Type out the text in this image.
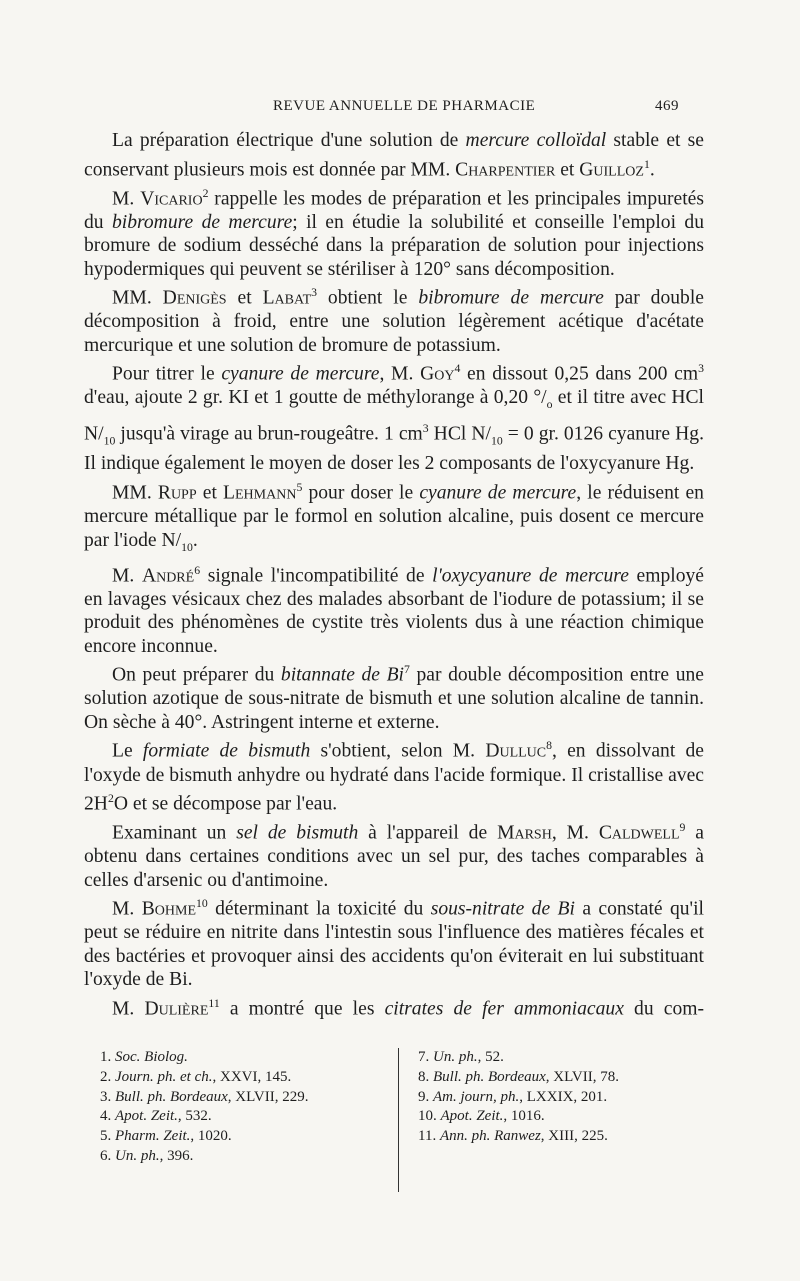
REVUE ANNUELLE DE PHARMACIE	469

La préparation électrique d'une solution de mercure colloïdal stable et se conservant plusieurs mois est donnée par MM. Charpentier et Guilloz$^1$.

M. Vicario$^2$ rappelle les modes de préparation et les principales impuretés du bibromure de mercure; il en étudie la solubilité et conseille l'emploi du bromure de sodium desséché dans la préparation de solution pour injections hypodermiques qui peuvent se stériliser à 120° sans décomposition.

MM. Denigès et Labat$^3$ obtient le bibromure de mercure par double décomposition à froid, entre une solution légèrement acétique d'acétate mercurique et une solution de bromure de potassium.

Pour titrer le cyanure de mercure, M. Goy$^4$ en dissout 0,25 dans 200 $cm^3$ d'eau, ajoute 2 gr. KI et 1 goutte de méthylorange à 0,20 $^\circ/_o$ et il titre avec HCl $N/_{10}$ jusqu'à virage au brun-rougeâtre. 1 $cm^3$ HCl $N/_{10} = 0$ gr. 0126 cyanure Hg. Il indique également le moyen de doser les 2 composants de l'oxycyanure Hg.

MM. Rupp et Lehmann$^5$ pour doser le cyanure de mercure, le réduisent en mercure métallique par le formol en solution alcaline, puis dosent ce mercure par l'iode $N/_{10}$.

M. André$^6$ signale l'incompatibilité de l'oxycyanure de mercure employé en lavages vésicaux chez des malades absorbant de l'iodure de potassium; il se produit des phénomènes de cystite très violents dus à une réaction chimique encore inconnue.

On peut préparer du bitannate de Bi$^7$ par double décomposition entre une solution azotique de sous-nitrate de bismuth et une solution alcaline de tannin. On sèche à 40°. Astringent interne et externe.

Le formiate de bismuth s'obtient, selon M. Dulluc$^8$, en dissolvant de l'oxyde de bismuth anhydre ou hydraté dans l'acide formique. Il cristallise avec $2H^2O$ et se décompose par l'eau.

Examinant un sel de bismuth à l'appareil de Marsh, M. Caldwell$^9$ a obtenu dans certaines conditions avec un sel pur, des taches comparables à celles d'arsenic ou d'antimoine.

M. Bohme$^{10}$ déterminant la toxicité du sous-nitrate de Bi a constaté qu'il peut se réduire en nitrite dans l'intestin sous l'influence des matières fécales et des bactéries et provoquer ainsi des accidents qu'on éviterait en lui substituant l'oxyde de Bi.

M. Dulière$^{11}$ a montré que les citrates de fer ammoniacaux du com-

1. Soc. Biolog.
2. Journ. ph. et ch., XXVI, 145.
3. Bull. ph. Bordeaux, XLVII, 229.
4. Apot. Zeit., 532.
5. Pharm. Zeit., 1020.
6. Un. ph., 396.
7. Un. ph., 52.
8. Bull. ph. Bordeaux, XLVII, 78.
9. Am. journ, ph., LXXIX, 201.
10. Apot. Zeit., 1016.
11. Ann. ph. Ranwez, XIII, 225.
